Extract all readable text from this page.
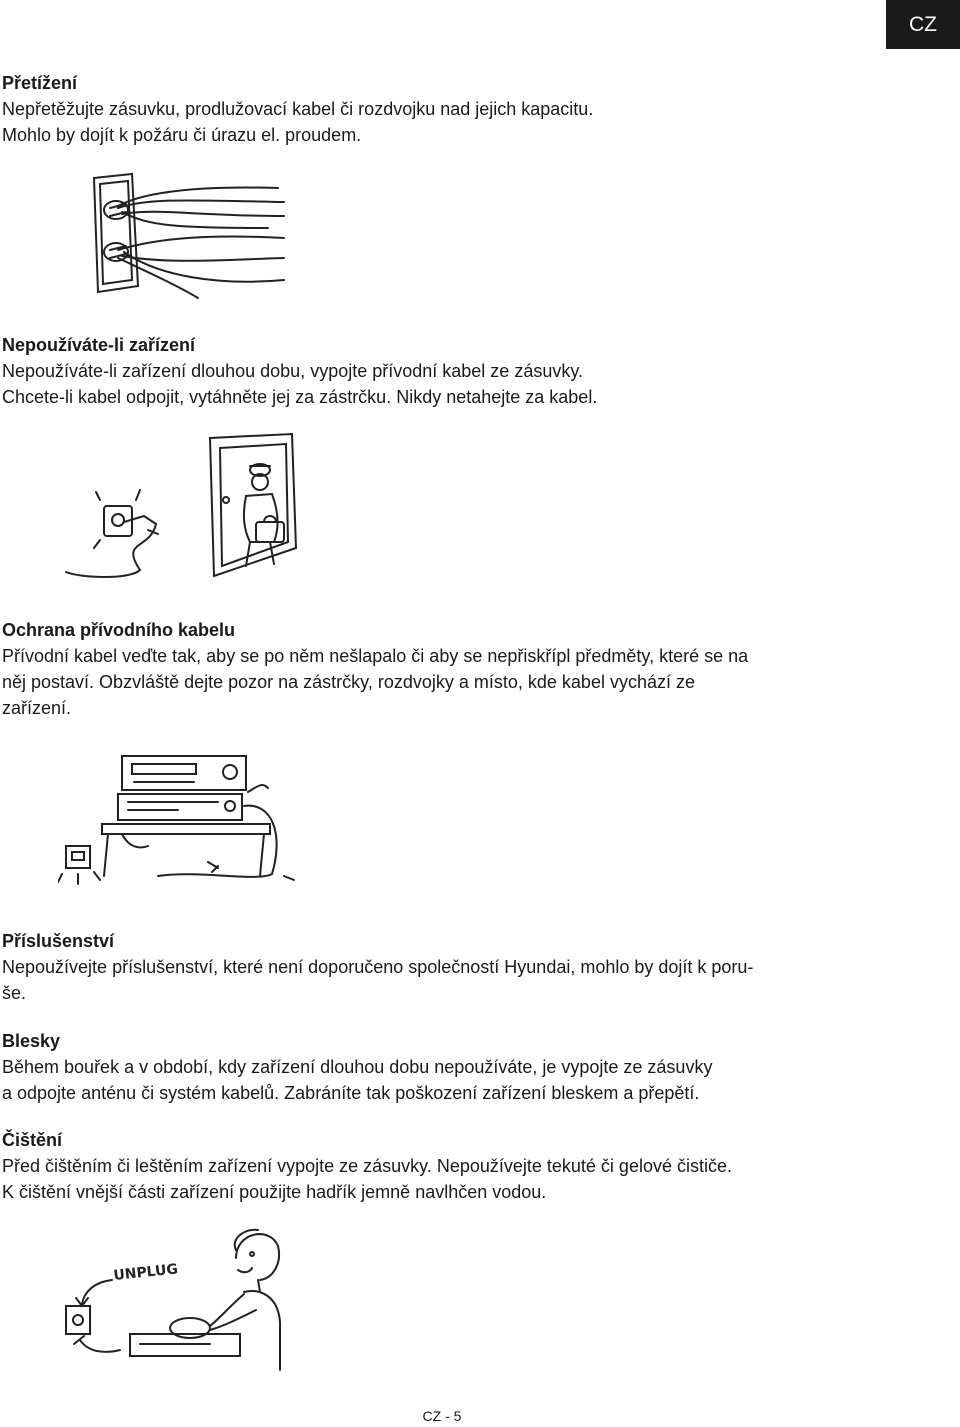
CZ
Přetížení

Nepřetěžujte zásuvku, prodlužovací kabel či rozdvojku nad jejich kapacitu.
Mohlo by dojít k požáru či úrazu el. proudem.

Nepoužíváte-li zařízení

Nepoužíváte-li zařízení dlouhou dobu, vypojte přívodní kabel ze zásuvky.
Chcete-li kabel odpojit, vytáhněte jej za zástrčku. Nikdy netahejte za kabel.

Ochrana přívodního kabelu

Přívodní kabel veďte tak, aby se po něm nešlapalo či aby se nepřiskřípl předměty, které se na
něj postaví. Obzvláště dejte pozor na zástrčky, rozdvojky a místo, kde kabel vychází ze
zařízení.

Příslušenství

Nepoužívejte příslušenství, které není doporučeno společností Hyundai, mohlo by dojít k poru-
še.

Blesky

Během bouřek a v období, kdy zařízení dlouhou dobu nepoužíváte, je vypojte ze zásuvky
a odpojte anténu či systém kabelů. Zabráníte tak poškození zařízení bleskem a přepětí.

Čištění

Před čištěním či leštěním zařízení vypojte ze zásuvky. Nepoužívejte tekuté či gelové čističe.
K čištění vnější části zařízení použijte hadřík jemně navlhčen vodou.

UNPLUG
CZ - 5
